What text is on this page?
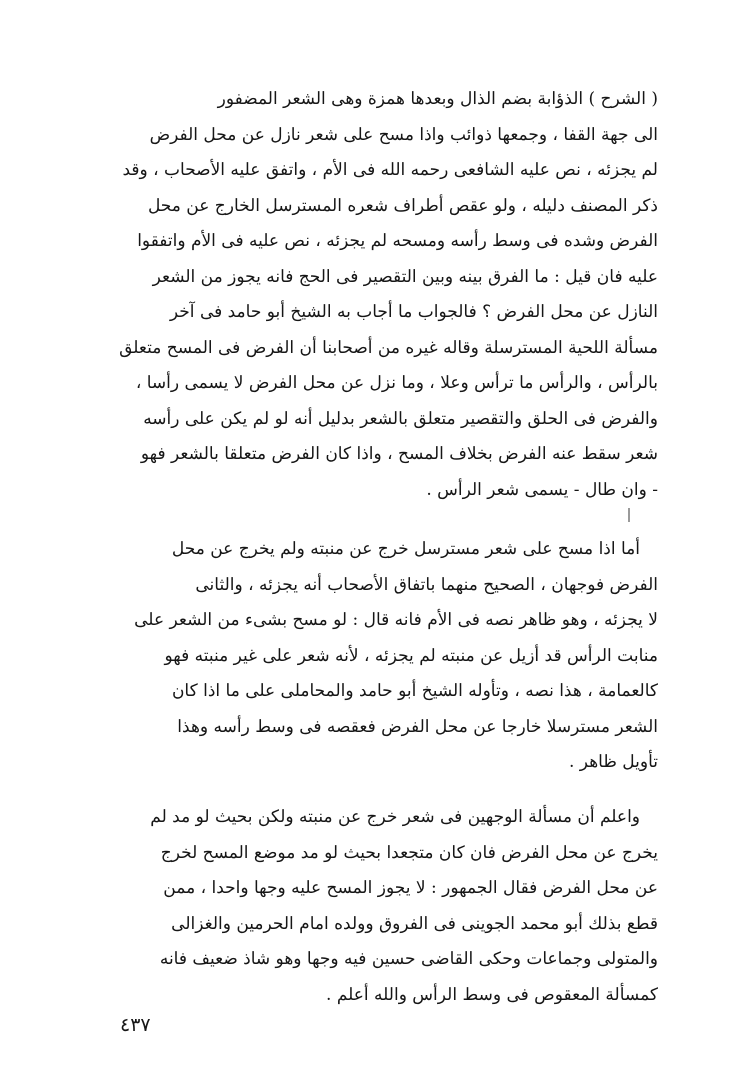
( الشرح ) الذؤابة بضم الذال وبعدها همزة وهى الشعر المضفور
الى جهة القفا ، وجمعها ذوائب واذا مسح على شعر نازل عن محل الفرض
لم يجزئه ، نص عليه الشافعى رحمه الله فى الأم ، واتفق عليه الأصحاب ، وقد
ذكر المصنف دليله ، ولو عقص أطراف شعره المسترسل الخارج عن محل
الفرض وشده فى وسط رأسه ومسحه لم يجزئه ، نص عليه فى الأم واتفقوا
عليه فان قيل : ما الفرق بينه وبين التقصير فى الحج فانه يجوز من الشعر
النازل عن محل الفرض ؟ فالجواب ما أجاب به الشيخ أبو حامد فى آخر
مسألة اللحية المسترسلة وقاله غيره من أصحابنا أن الفرض فى المسح متعلق
بالرأس ، والرأس ما ترأس وعلا ، وما نزل عن محل الفرض لا يسمى رأسا ،
والفرض فى الحلق والتقصير متعلق بالشعر بدليل أنه لو لم يكن على رأسه
شعر سقط عنه الفرض بخلاف المسح ، واذا كان الفرض متعلقا بالشعر فهو
- وان طال - يسمى شعر الرأس .
أما اذا مسح على شعر مسترسل خرج عن منبته ولم يخرج عن محل
الفرض فوجهان ، الصحيح منهما باتفاق الأصحاب أنه يجزئه ، والثانى
لا يجزئه ، وهو ظاهر نصه فى الأم فانه قال : لو مسح بشىء من الشعر على
منابت الرأس قد أزيل عن منبته لم يجزئه ، لأنه شعر على غير منبته فهو
كالعمامة ، هذا نصه ، وتأوله الشيخ أبو حامد والمحاملى على ما اذا كان
الشعر مسترسلا خارجا عن محل الفرض فعقصه فى وسط رأسه وهذا
تأويل ظاهر .
واعلم أن مسألة الوجهين فى شعر خرج عن منبته ولكن بحيث لو مد لم
يخرج عن محل الفرض فان كان متجعدا بحيث لو مد موضع المسح لخرج
عن محل الفرض فقال الجمهور : لا يجوز المسح عليه وجها واحدا ، ممن
قطع بذلك أبو محمد الجوينى فى الفروق وولده امام الحرمين والغزالى
والمتولى وجماعات وحكى القاضى حسين فيه وجها وهو شاذ ضعيف فانه
كمسألة المعقوص فى وسط الرأس والله أعلم .
٤٣٧
